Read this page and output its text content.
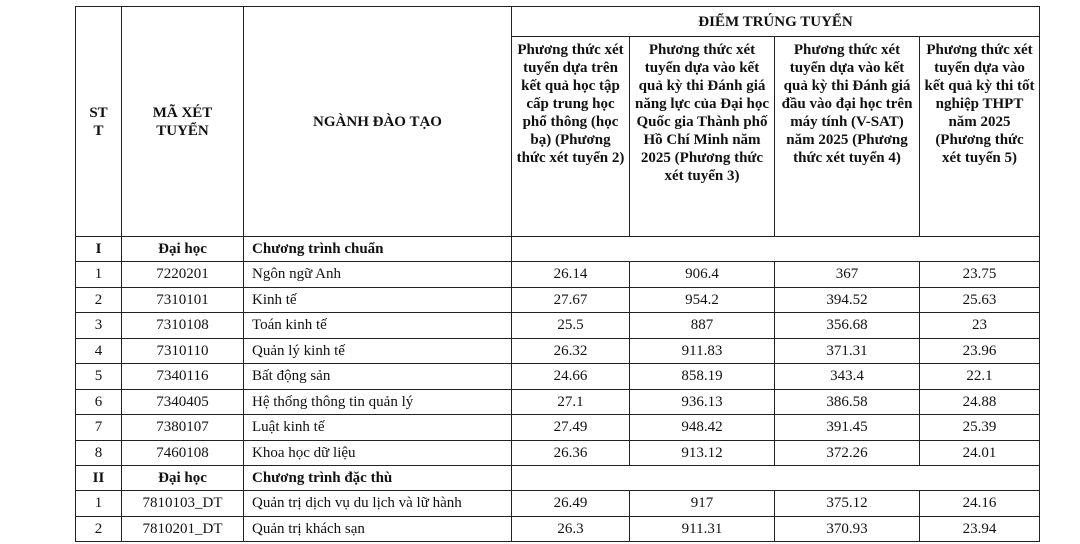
ST T	MÃ XÉT TUYỂN	NGÀNH ĐÀO TẠO	ĐIỂM TRÚNG TUYỂN			
			Phương thức xét tuyển dựa trên kết quả học tập cấp trung học phổ thông (học bạ) (Phương thức xét tuyển 2)	Phương thức xét tuyển dựa vào kết quả kỳ thi Đánh giá năng lực của Đại học Quốc gia Thành phố Hồ Chí Minh năm 2025 (Phương thức xét tuyển 3)	Phương thức xét tuyển dựa vào kết quả kỳ thi Đánh giá đầu vào đại học trên máy tính (V-SAT) năm 2025 (Phương thức xét tuyển 4)	Phương thức xét tuyển dựa vào kết quả kỳ thi tốt nghiệp THPT năm 2025 (Phương thức xét tuyển 5)
I	Đại học	Chương trình chuẩn				
1	7220201	Ngôn ngữ Anh	26.14	906.4	367	23.75
2	7310101	Kinh tế	27.67	954.2	394.52	25.63
3	7310108	Toán kinh tế	25.5	887	356.68	23
4	7310110	Quản lý kinh tế	26.32	911.83	371.31	23.96
5	7340116	Bất động sản	24.66	858.19	343.4	22.1
6	7340405	Hệ thống thông tin quản lý	27.1	936.13	386.58	24.88
7	7380107	Luật kinh tế	27.49	948.42	391.45	25.39
8	7460108	Khoa học dữ liệu	26.36	913.12	372.26	24.01
II	Đại học	Chương trình đặc thù				
1	7810103_DT	Quản trị dịch vụ du lịch và lữ hành	26.49	917	375.12	24.16
2	7810201_DT	Quản trị khách sạn	26.3	911.31	370.93	23.94
